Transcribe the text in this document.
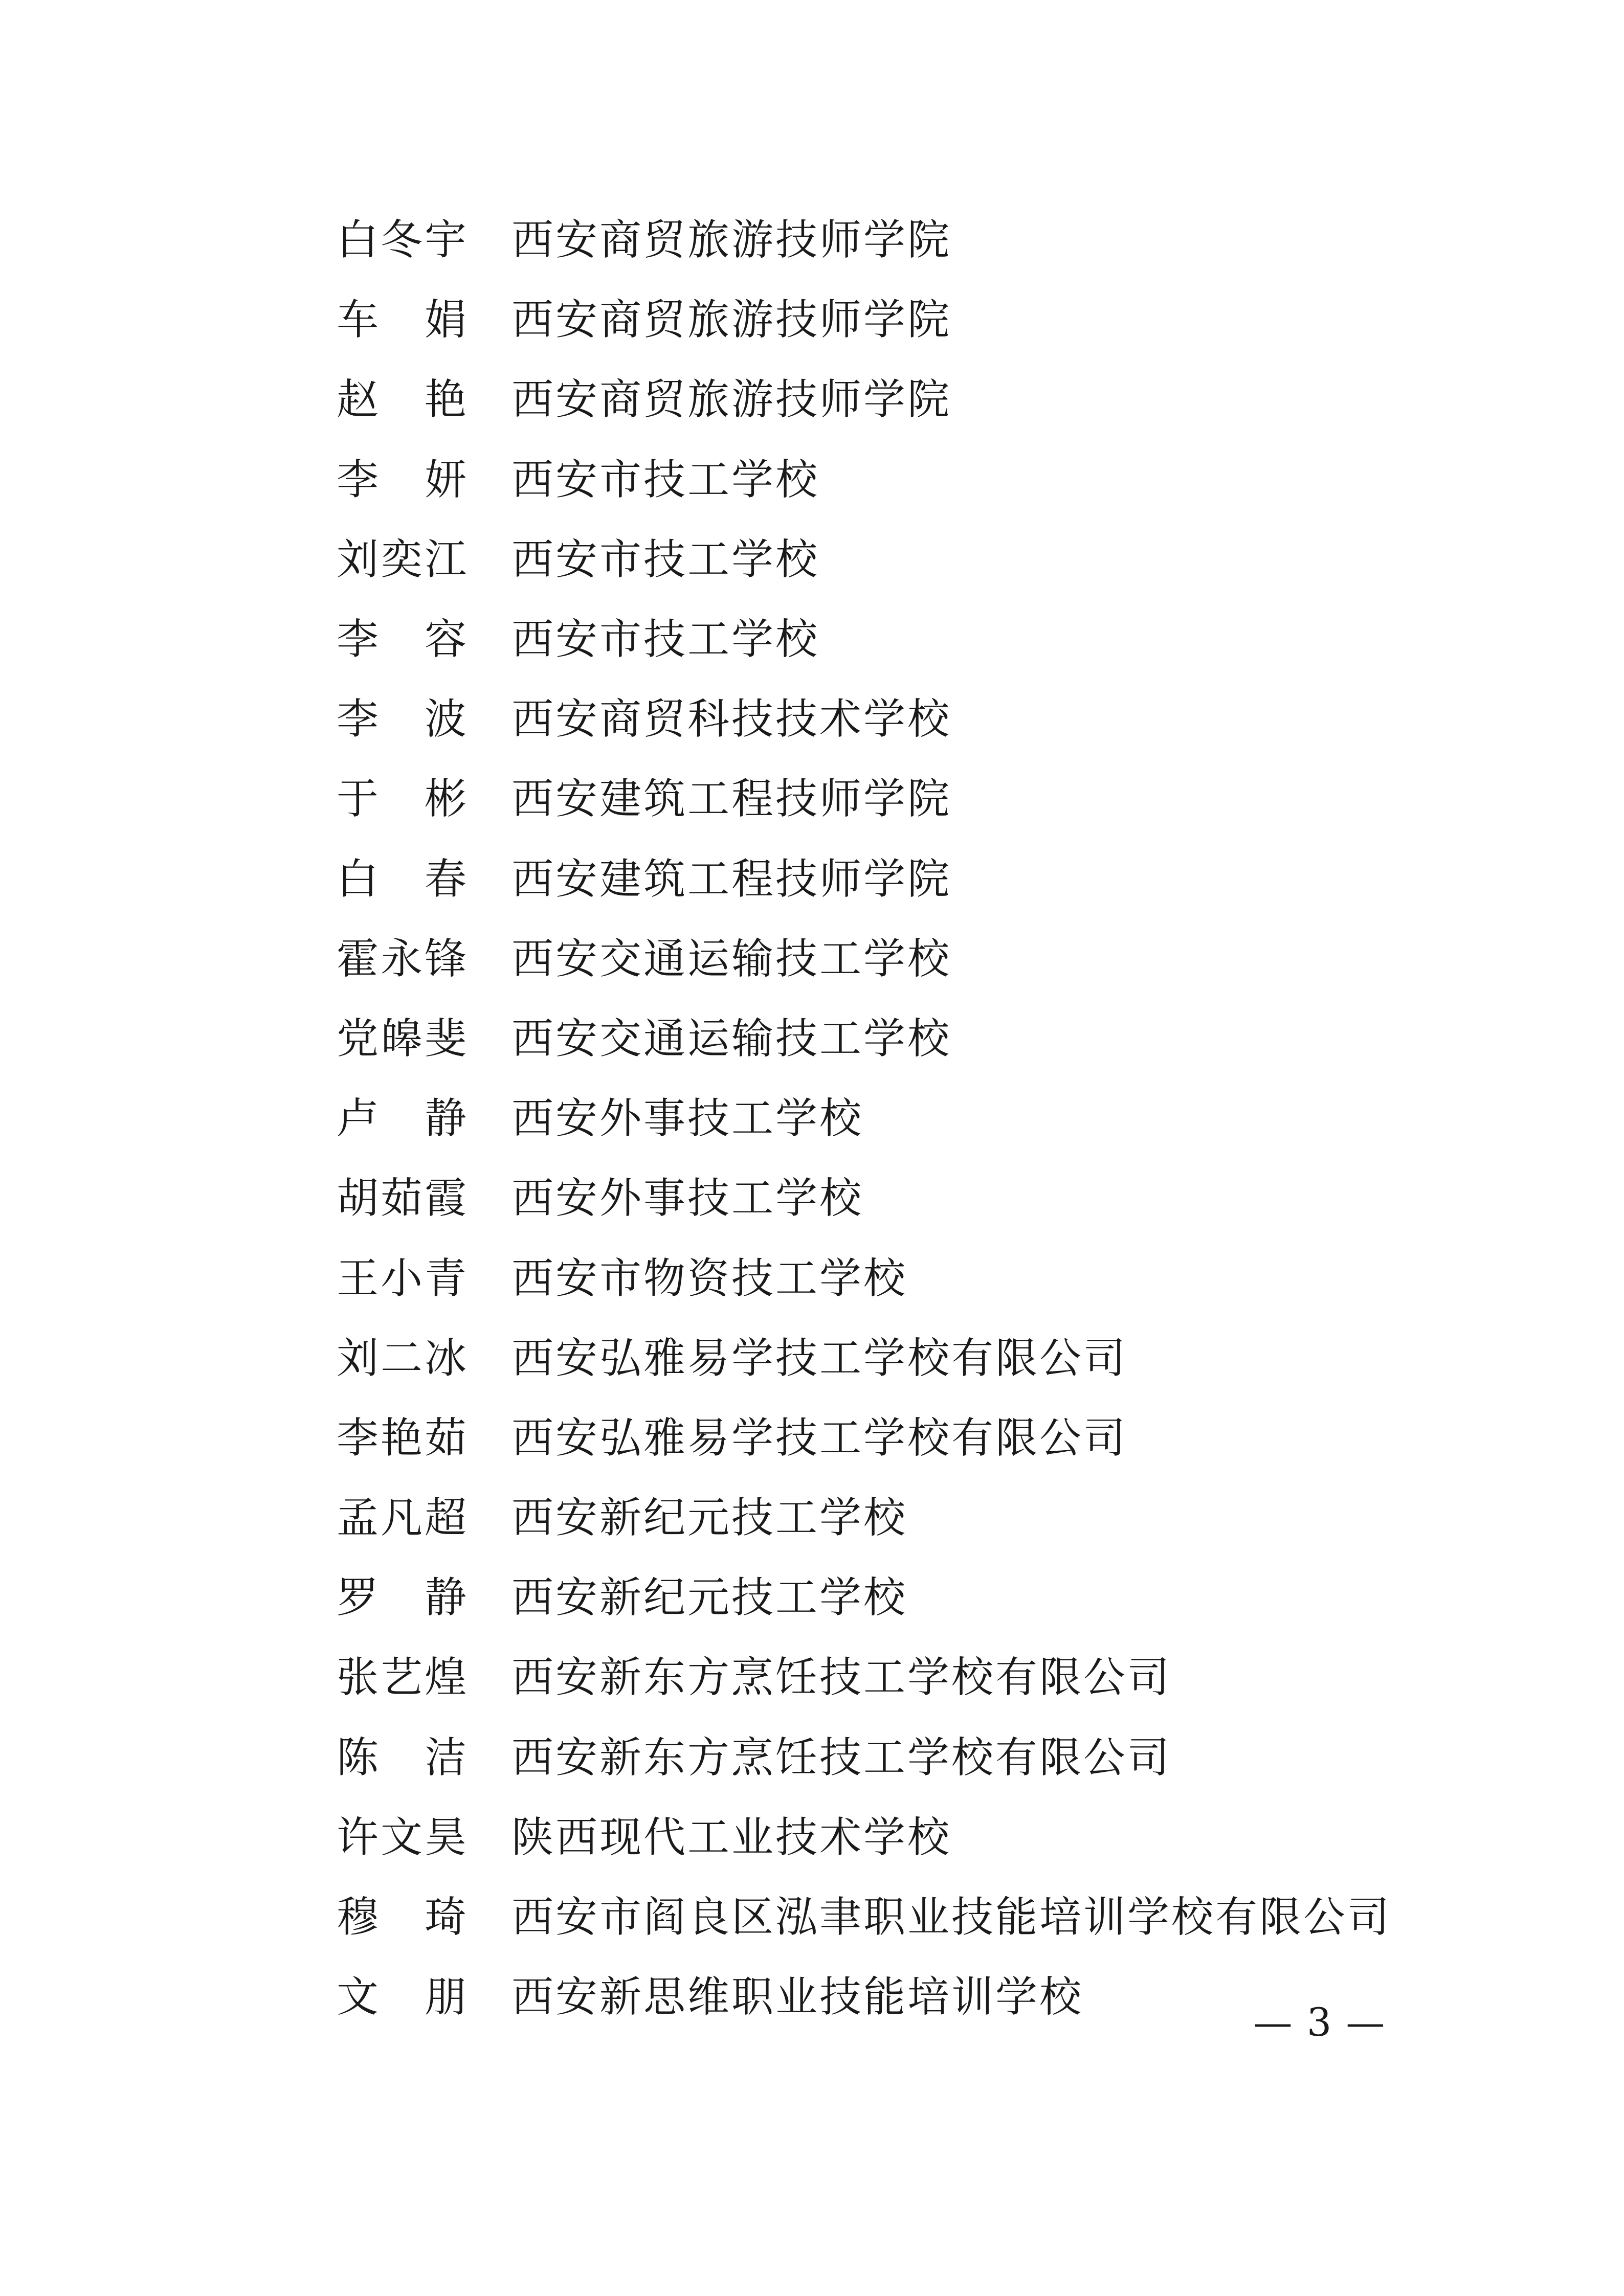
白冬宇	西安商贸旅游技师学院
车　娟	西安商贸旅游技师学院
赵　艳	西安商贸旅游技师学院
李　妍	西安市技工学校
刘奕江	西安市技工学校
李　容	西安市技工学校
李　波	西安商贸科技技术学校
于　彬	西安建筑工程技师学院
白　春	西安建筑工程技师学院
霍永锋	西安交通运输技工学校
党皞斐	西安交通运输技工学校
卢　静	西安外事技工学校
胡茹霞	西安外事技工学校
王小青	西安市物资技工学校
刘二冰	西安弘雅易学技工学校有限公司
李艳茹	西安弘雅易学技工学校有限公司
孟凡超	西安新纪元技工学校
罗　静	西安新纪元技工学校
张艺煌	西安新东方烹饪技工学校有限公司
陈　洁	西安新东方烹饪技工学校有限公司
许文昊	陕西现代工业技术学校
穆　琦	西安市阎良区泓聿职业技能培训学校有限公司
文　朋	西安新思维职业技能培训学校
— 3 —
